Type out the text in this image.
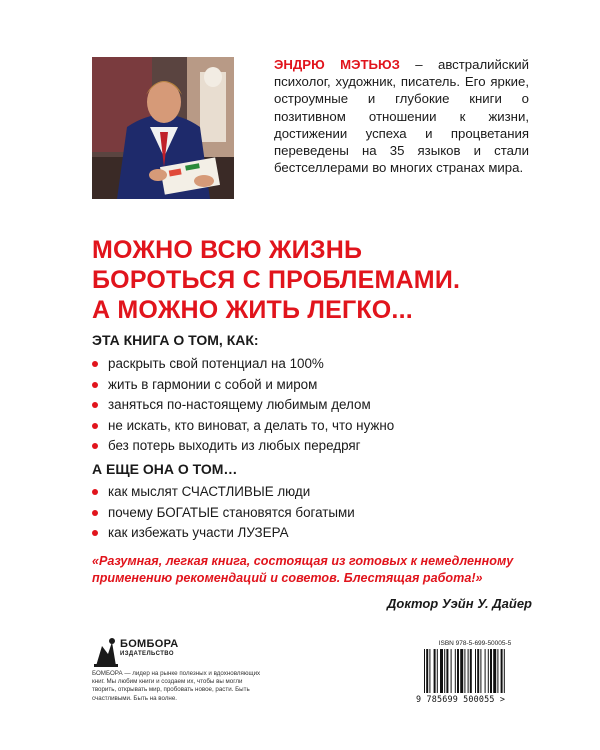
ЭНДРЮ МЭТЬЮЗ – австралийский психолог, художник, писатель. Его яркие, остроумные и глубокие книги о позитивном отношении к жизни, достижении успеха и процветания переведены на 35 языков и стали бестселлерами во многих странах мира.
МОЖНО ВСЮ ЖИЗНЬ
БОРОТЬСЯ С ПРОБЛЕМАМИ.
А МОЖНО ЖИТЬ ЛЕГКО...
ЭТА КНИГА О ТОМ, КАК:
раскрыть свой потенциал на 100%
жить в гармонии с собой и миром
заняться по-настоящему любимым делом
не искать, кто виноват, а делать то, что нужно
без потерь выходить из любых передряг
А ЕЩЕ ОНА О ТОМ…
как мыслят СЧАСТЛИВЫЕ люди
почему БОГАТЫЕ становятся богатыми
как избежать участи ЛУЗЕРА
«Разумная, легкая книга, состоящая из готовых к немедленному применению рекомендаций и советов. Блестящая работа!»
Доктор Уэйн У. Дайер
БОМБОРА
ИЗДАТЕЛЬСТВО
БОМБОРА — лидер на рынке полезных и вдохновляющих книг. Мы любим книги и создаем их, чтобы вы могли творить, открывать мир, пробовать новое, расти. Быть счастливыми. Быть на волне.
ISBN 978-5-699-50005-5
9 785699 500055 >
